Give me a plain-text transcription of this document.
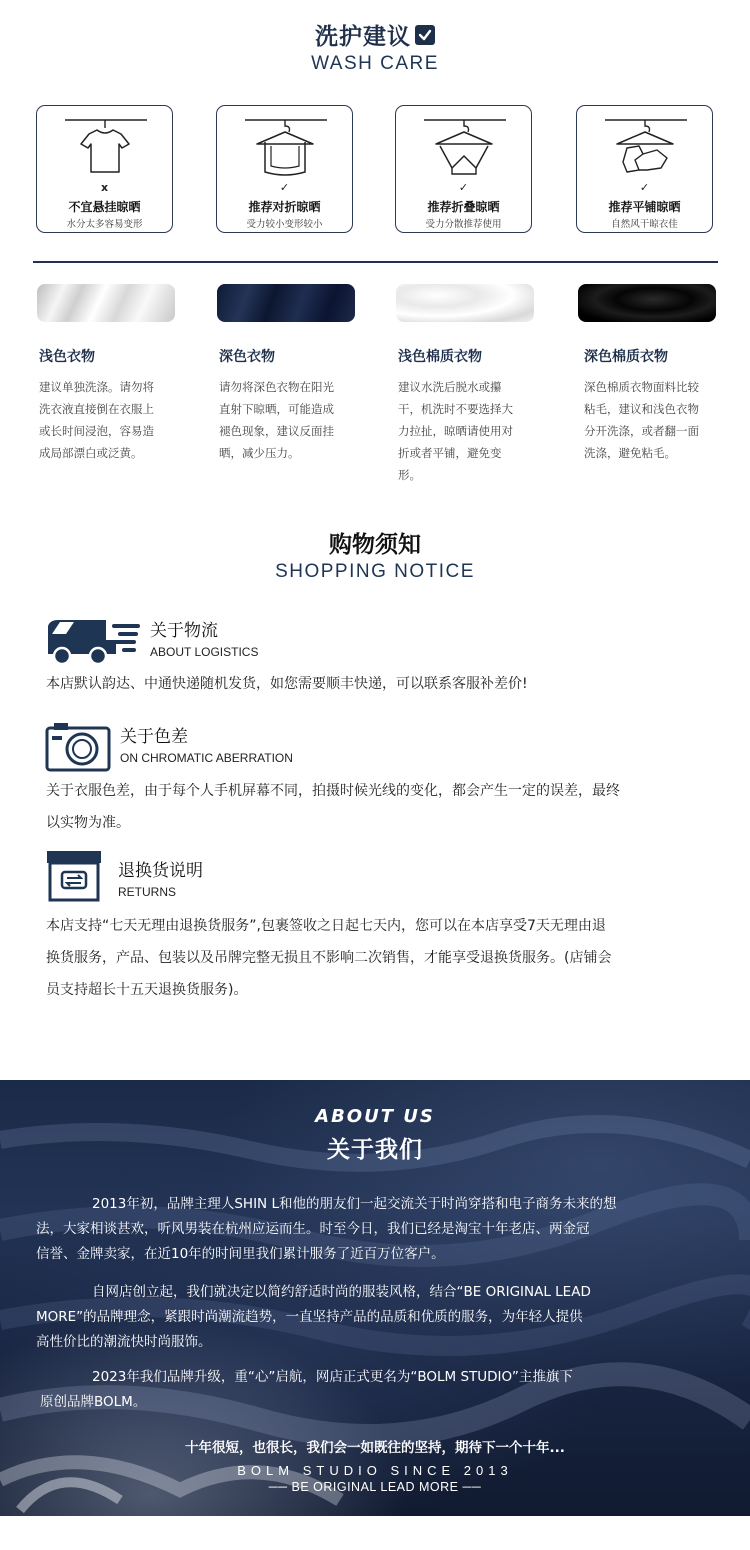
洗护建议
WASH CARE
x
不宜悬挂晾晒
水分太多容易变形
✓
推荐对折晾晒
受力较小变形较小
✓
推荐折叠晾晒
受力分散推荐使用
✓
推荐平铺晾晒
自然风干晾衣佳
浅色衣物
建议单独洗涤。请勿将
洗衣液直接倒在衣服上
或长时间浸泡，容易造
成局部漂白或泛黄。
深色衣物
请勿将深色衣物在阳光
直射下晾晒，可能造成
褪色现象，建议反面挂
晒，减少压力。
浅色棉质衣物
建议水洗后脱水或攥
干，机洗时不要选择大
力拉扯，晾晒请使用对
折或者平铺，避免变
形。
深色棉质衣物
深色棉质衣物面料比较
粘毛，建议和浅色衣物
分开洗涤，或者翻一面
洗涤，避免粘毛。
购物须知
SHOPPING NOTICE
关于物流
ABOUT LOGISTICS
本店默认韵达、中通快递随机发货，如您需要顺丰快递，可以联系客服补差价!
关于色差
ON CHROMATIC ABERRATION
关于衣服色差，由于每个人手机屏幕不同，拍摄时候光线的变化，都会产生一定的误差，最终
以实物为准。
退换货说明
RETURNS
本店支持“七天无理由退换货服务”,包裹签收之日起七天内，您可以在本店享受7天无理由退
换货服务，产品、包装以及吊牌完整无损且不影响二次销售，才能享受退换货服务。(店铺会
员支持超长十五天退换货服务)。
ABOUT US
关于我们
2013年初，品牌主理人SHIN L和他的朋友们一起交流关于时尚穿搭和电子商务未来的想
法，大家相谈甚欢，听风男装在杭州应运而生。时至今日，我们已经是淘宝十年老店、两金冠
信誉、金牌卖家，在近10年的时间里我们累计服务了近百万位客户。
自网店创立起，我们就决定以简约舒适时尚的服装风格，结合“BE ORIGINAL LEAD
MORE”的品牌理念，紧跟时尚潮流趋势，一直坚持产品的品质和优质的服务，为年轻人提供
高性价比的潮流快时尚服饰。
2023年我们品牌升级，重“心”启航，网店正式更名为“BOLM STUDIO”主推旗下
原创品牌BOLM。
十年很短，也很长，我们会一如既往的坚持，期待下一个十年...
BOLM STUDIO SINCE 2013
── BE ORIGINAL LEAD MORE ──
